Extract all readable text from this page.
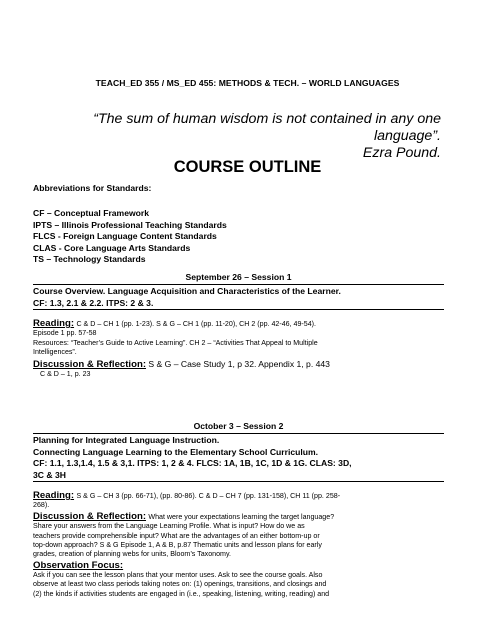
TEACH_ED 355 / MS_ED 455: METHODS & TECH. – WORLD LANGUAGES
“The sum of human wisdom is not contained in any one language”.
Ezra Pound.
COURSE OUTLINE
Abbreviations for Standards:
CF – Conceptual Framework
IPTS – Illinois Professional Teaching Standards
FLCS - Foreign Language Content Standards
CLAS - Core Language Arts Standards
TS – Technology Standards
September 26 – Session 1
Course Overview. Language Acquisition and Characteristics of the Learner.
CF: 1.3, 2.1 & 2.2. ITPS: 2 & 3.
Reading: C & D – CH 1 (pp. 1-23). S & G – CH 1 (pp. 11-20), CH 2 (pp. 42-46, 49-54).
Episode 1 pp. 57-58
Resources: “Teacher’s Guide to Active Learning”. CH 2 – “Activities That Appeal to Multiple
Intelligences”.
Discussion & Reflection: S & G – Case Study 1, p 32. Appendix 1, p. 443
C & D – 1, p. 23
October 3 – Session 2
Planning for Integrated Language Instruction.
Connecting Language Learning to the Elementary School Curriculum.
CF: 1.1, 1.3,1.4, 1.5 & 3,1. ITPS: 1, 2 & 4. FLCS: 1A, 1B, 1C, 1D & 1G. CLAS: 3D,
3C & 3H
Reading: S & G – CH 3 (pp. 66-71), (pp. 80-86). C & D – CH 7 (pp. 131-158), CH 11 (pp. 258-
268).
Discussion & Reflection: What were your expectations learning the target language?
Share your answers from the Language Learning Profile. What is input? How do we as
teachers provide comprehensible input? What are the advantages of an either bottom-up or
top-down approach? S & G Episode 1, A & B, p.87 Thematic units and lesson plans for early
grades, creation of planning webs for units, Bloom’s Taxonomy.
Observation Focus:
Ask if you can see the lesson plans that your mentor uses. Ask to see the course goals. Also
observe at least two class periods taking notes on: (1) openings, transitions, and closings and
(2) the kinds if activities students are engaged in (i.e., speaking, listening, writing, reading) and
